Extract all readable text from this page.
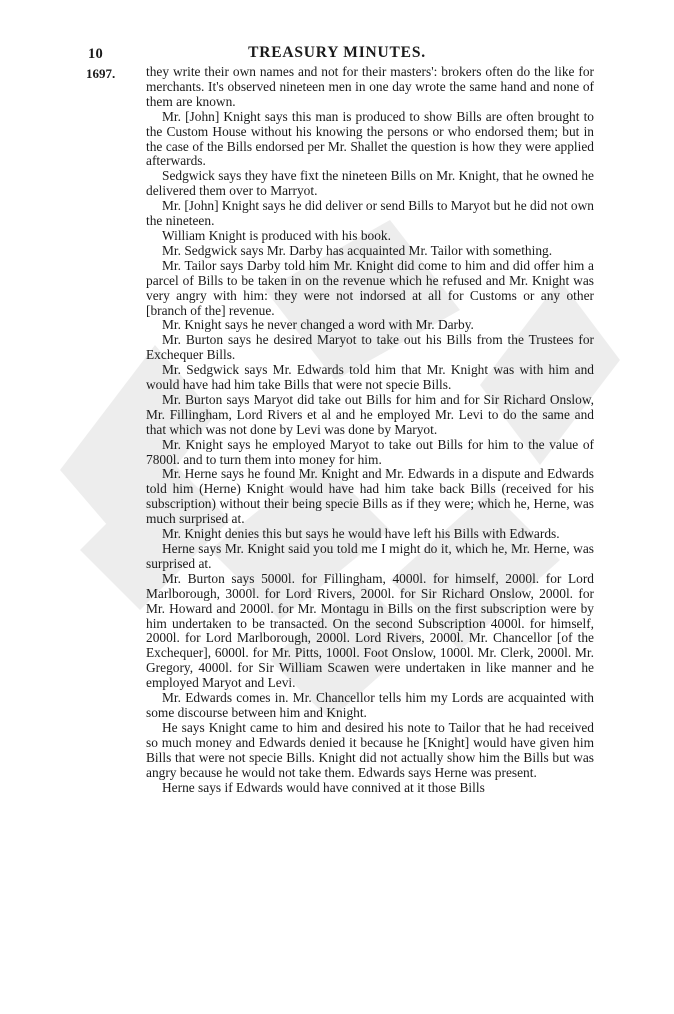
10	TREASURY MINUTES.
1697. they write their own names and not for their masters': brokers often do the like for merchants. It's observed nineteen men in one day wrote the same hand and none of them are known.

Mr. [John] Knight says this man is produced to show Bills are often brought to the Custom House without his knowing the persons or who endorsed them; but in the case of the Bills endorsed per Mr. Shallet the question is how they were applied afterwards.

Sedgwick says they have fixt the nineteen Bills on Mr. Knight, that he owned he delivered them over to Marryot.

Mr. [John] Knight says he did deliver or send Bills to Maryot but he did not own the nineteen.

William Knight is produced with his book.

Mr. Sedgwick says Mr. Darby has acquainted Mr. Tailor with something.

Mr. Tailor says Darby told him Mr. Knight did come to him and did offer him a parcel of Bills to be taken in on the revenue which he refused and Mr. Knight was very angry with him: they were not indorsed at all for Customs or any other [branch of the] revenue.

Mr. Knight says he never changed a word with Mr. Darby.

Mr. Burton says he desired Maryot to take out his Bills from the Trustees for Exchequer Bills.

Mr. Sedgwick says Mr. Edwards told him that Mr. Knight was with him and would have had him take Bills that were not specie Bills.

Mr. Burton says Maryot did take out Bills for him and for Sir Richard Onslow, Mr. Fillingham, Lord Rivers et al and he employed Mr. Levi to do the same and that which was not done by Levi was done by Maryot.

Mr. Knight says he employed Maryot to take out Bills for him to the value of 7800l. and to turn them into money for him.

Mr. Herne says he found Mr. Knight and Mr. Edwards in a dispute and Edwards told him (Herne) Knight would have had him take back Bills (received for his subscription) without their being specie Bills as if they were; which he, Herne, was much surprised at.

Mr. Knight denies this but says he would have left his Bills with Edwards.

Herne says Mr. Knight said you told me I might do it, which he, Mr. Herne, was surprised at.

Mr. Burton says 5000l. for Fillingham, 4000l. for himself, 2000l. for Lord Marlborough, 3000l. for Lord Rivers, 2000l. for Sir Richard Onslow, 2000l. for Mr. Howard and 2000l. for Mr. Montagu in Bills on the first subscription were by him undertaken to be transacted. On the second Subscription 4000l. for himself, 2000l. for Lord Marlborough, 2000l. Lord Rivers, 2000l. Mr. Chancellor [of the Exchequer], 6000l. for Mr. Pitts, 1000l. Foot Onslow, 1000l. Mr. Clerk, 2000l. Mr. Gregory, 4000l. for Sir William Scawen were undertaken in like manner and he employed Maryot and Levi.

Mr. Edwards comes in. Mr. Chancellor tells him my Lords are acquainted with some discourse between him and Knight.

He says Knight came to him and desired his note to Tailor that he had received so much money and Edwards denied it because he [Knight] would have given him Bills that were not specie Bills. Knight did not actually show him the Bills but was angry because he would not take them. Edwards says Herne was present.

Herne says if Edwards would have connived at it those Bills
